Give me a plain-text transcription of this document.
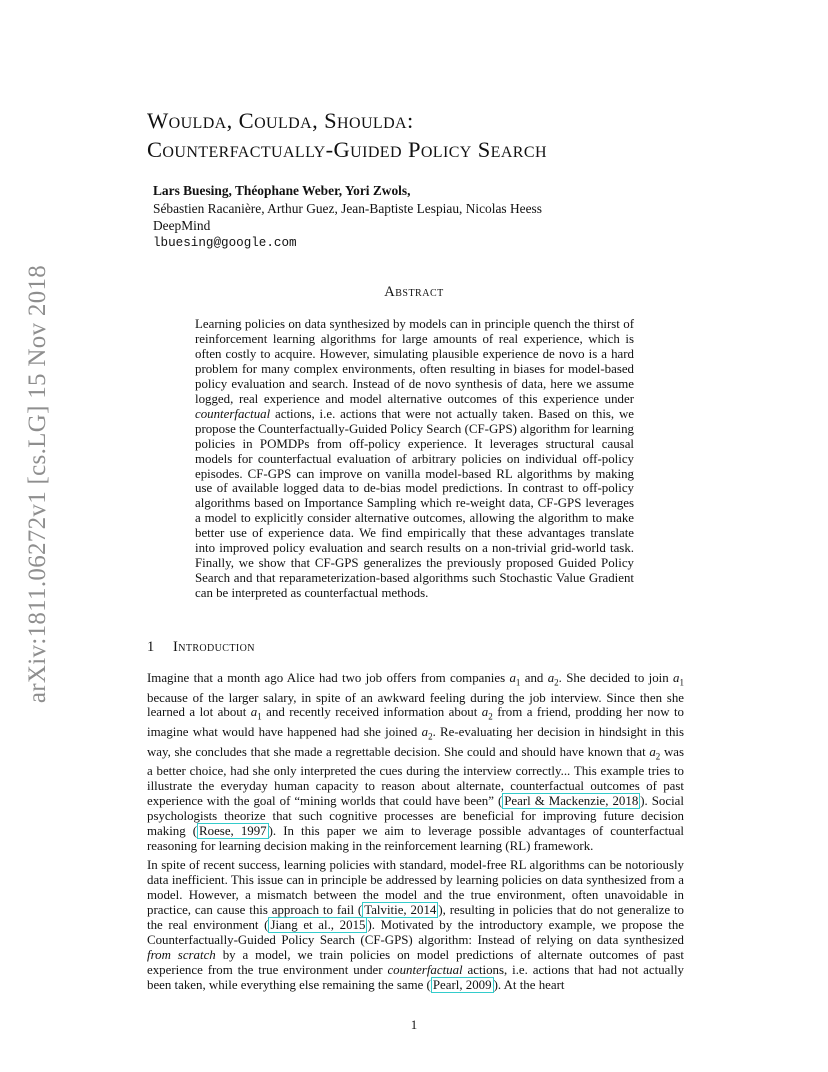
arXiv:1811.06272v1 [cs.LG] 15 Nov 2018
Woulda, Coulda, Shoulda:
Counterfactually-Guided Policy Search
Lars Buesing, Théophane Weber, Yori Zwols,
Sébastien Racanière, Arthur Guez, Jean-Baptiste Lespiau, Nicolas Heess
DeepMind
lbuesing@google.com
Abstract
Learning policies on data synthesized by models can in principle quench the thirst of reinforcement learning algorithms for large amounts of real experience, which is often costly to acquire. However, simulating plausible experience de novo is a hard problem for many complex environments, often resulting in biases for model-based policy evaluation and search. Instead of de novo synthesis of data, here we assume logged, real experience and model alternative outcomes of this experience under counterfactual actions, i.e. actions that were not actually taken. Based on this, we propose the Counterfactually-Guided Policy Search (CF-GPS) algorithm for learning policies in POMDPs from off-policy experience. It leverages structural causal models for counterfactual evaluation of arbitrary policies on individual off-policy episodes. CF-GPS can improve on vanilla model-based RL algorithms by making use of available logged data to de-bias model predictions. In contrast to off-policy algorithms based on Importance Sampling which re-weight data, CF-GPS leverages a model to explicitly consider alternative outcomes, allowing the algorithm to make better use of experience data. We find empirically that these advantages translate into improved policy evaluation and search results on a non-trivial grid-world task. Finally, we show that CF-GPS generalizes the previously proposed Guided Policy Search and that reparameterization-based algorithms such Stochastic Value Gradient can be interpreted as counterfactual methods.
1 Introduction
Imagine that a month ago Alice had two job offers from companies $a_1$ and $a_2$. She decided to join $a_1$ because of the larger salary, in spite of an awkward feeling during the job interview. Since then she learned a lot about $a_1$ and recently received information about $a_2$ from a friend, prodding her now to imagine what would have happened had she joined $a_2$. Re-evaluating her decision in hindsight in this way, she concludes that she made a regrettable decision. She could and should have known that $a_2$ was a better choice, had she only interpreted the cues during the interview correctly... This example tries to illustrate the everyday human capacity to reason about alternate, counterfactual outcomes of past experience with the goal of “mining worlds that could have been” ( Pearl & Mackenzie, 2018 ). Social psychologists theorize that such cognitive processes are beneficial for improving future decision making ( Roese, 1997 ). In this paper we aim to leverage possible advantages of counterfactual reasoning for learning decision making in the reinforcement learning (RL) framework.
In spite of recent success, learning policies with standard, model-free RL algorithms can be notoriously data inefficient. This issue can in principle be addressed by learning policies on data synthesized from a model. However, a mismatch between the model and the true environment, often unavoidable in practice, can cause this approach to fail ( Talvitie, 2014 ), resulting in policies that do not generalize to the real environment ( Jiang et al., 2015 ). Motivated by the introductory example, we propose the Counterfactually-Guided Policy Search (CF-GPS) algorithm: Instead of relying on data synthesized from scratch by a model, we train policies on model predictions of alternate outcomes of past experience from the true environment under counterfactual actions, i.e. actions that had not actually been taken, while everything else remaining the same ( Pearl, 2009 ). At the heart
1
